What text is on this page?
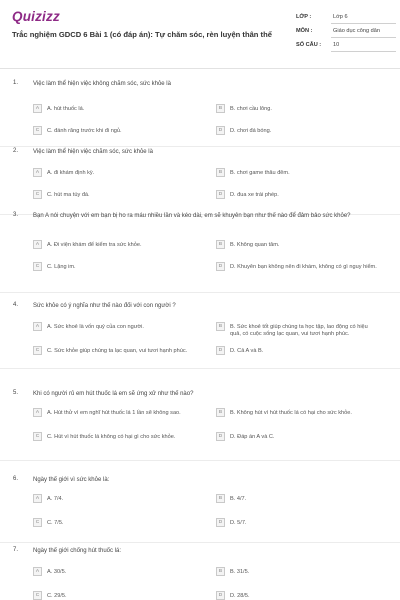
Quizizz
Trắc nghiệm GDCD 6 Bài 1 (có đáp án): Tự chăm sóc, rèn luyện thân thể
LỚP :	Lớp 6
MÔN :	Giáo dục công dân
SỐ CÂU : 10
1. Việc làm thể hiện việc không chăm sóc, sức khỏe là
A	A. hút thuốc lá.	B	B. chơi cầu lông.
C	C. đánh răng trước khi đi ngủ.	D	D. chơi đá bóng.
2. Việc làm thể hiện việc chăm sóc, sức khỏe là
A	A. đi khám định kỳ.	B	B. chơi game thâu đêm.
C	C. hút ma túy đá.	D	D. đua xe trái phép.
3. Bạn A nói chuyện với em bạn bị ho ra máu nhiều lần và kéo dài, em sẽ khuyên bạn như thế nào để đảm bảo sức khỏe?
A	A. Đi viện khám để kiểm tra sức khỏe.	B	B. Không quan tâm.
C	C. Lặng im.	D	D. Khuyên bạn không nên đi khám, không có gì nguy hiểm.
4. Sức khỏe có ý nghĩa như thế nào đối với con người ?
A	A. Sức khoẻ là vốn quý của con người.	B	B. Sức khoẻ tốt giúp chúng ta học tập, lao động có hiệu quả, có cuộc sống lạc quan, vui tươi hạnh phúc.
C	C. Sức khỏe giúp chúng ta lạc quan, vui tươi hạnh phúc.	D	D. Cả A và B.
5. Khi có người rủ em hút thuốc lá em sẽ ứng xử như thế nào?
A	A. Hút thử vì em nghĩ hút thuốc lá 1 lần sẽ không sao.	B	B. Không hút vì hút thuốc lá có hại cho sức khỏe.
C	C. Hút vì hút thuốc lá không có hại gì cho sức khỏe.	D	D. Đáp án A và C.
6. Ngày thế giới vì sức khỏe là:
A	A. 7/4.	B	B. 4/7.
C	C. 7/5.	D	D. 5/7.
7. Ngày thế giới chống hút thuốc lá:
A	A. 30/5.	B	B. 31/5.
C	C. 29/5.	D	D. 28/5.
